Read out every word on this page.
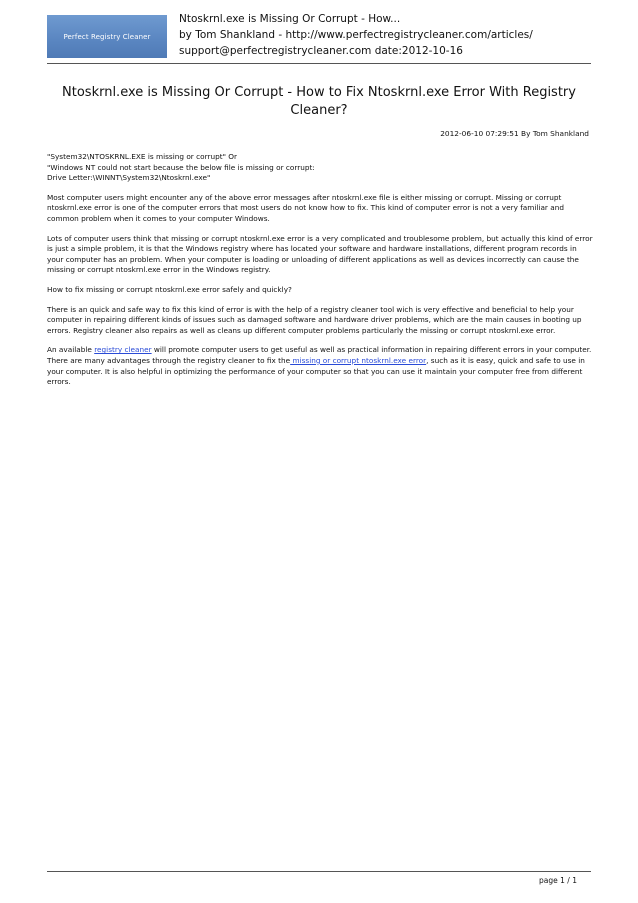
Perfect Registry Cleaner
Ntoskrnl.exe is Missing Or Corrupt - How...
by Tom Shankland - http://www.perfectregistrycleaner.com/articles/
support@perfectregistrycleaner.com date:2012-10-16
Ntoskrnl.exe is Missing Or Corrupt - How to Fix Ntoskrnl.exe Error With Registry Cleaner?
2012-06-10 07:29:51 By Tom Shankland

"System32\NTOSKRNL.EXE is missing or corrupt" Or
"Windows NT could not start because the below file is missing or corrupt:
Drive Letter:\WINNT\System32\Ntoskrnl.exe"

Most computer users might encounter any of the above error messages after ntoskrnl.exe file is either missing or corrupt. Missing or corrupt ntoskrnl.exe error is one of the computer errors that most users do not know how to fix. This kind of computer error is not a very familiar and common problem when it comes to your computer Windows.

Lots of computer users think that missing or corrupt ntoskrnl.exe error is a very complicated and troublesome problem, but actually this kind of error is just a simple problem, it is that the Windows registry where has located your software and hardware installations, different program records in your computer has an problem. When your computer is loading or unloading of different applications as well as devices incorrectly can cause the missing or corrupt ntoskrnl.exe error in the Windows registry.

How to fix missing or corrupt ntoskrnl.exe error safely and quickly?

There is an quick and safe way to fix this kind of error is with the help of a registry cleaner tool wich is very effective and beneficial to help your computer in repairing different kinds of issues such as damaged software and hardware driver problems, which are the main causes in booting up errors. Registry cleaner also repairs as well as cleans up different computer problems particularly the missing or corrupt ntoskrnl.exe error.

An available registry cleaner will promote computer users to get useful as well as practical information in repairing different errors in your computer. There are many advantages through the registry cleaner to fix the missing or corrupt ntoskrnl.exe error, such as it is easy, quick and safe to use in your computer. It is also helpful in optimizing the performance of your computer so that you can use it maintain your computer free from different errors.

page 1 / 1
